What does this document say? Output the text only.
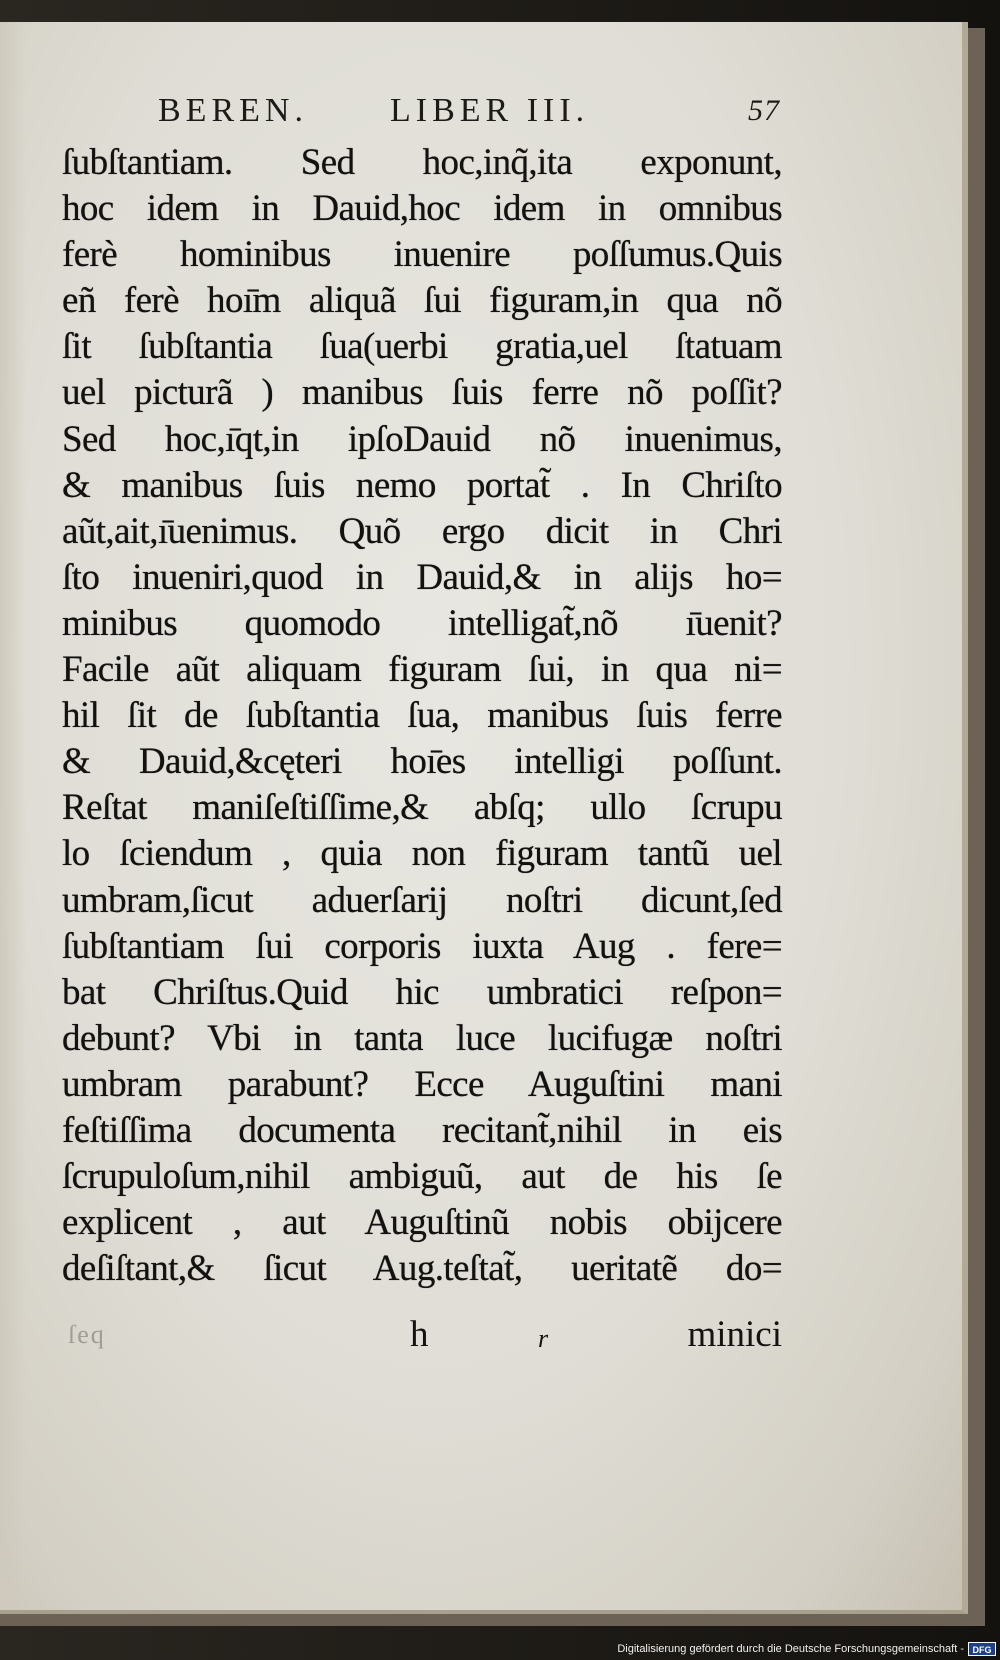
BEREN. LIBER III.	57
ſubſtantiam. Sed hoc,inq̃,ita exponunt,
hoc idem in Dauid,hoc idem in omnibus
ferè hominibus inuenire poſſumus.Quis
eñ ferè hoı̄m aliquã ſui figuram,in qua nõ
ſit ſubſtantia ſua(uerbi gratia,uel ſtatuam
uel picturã ) manibus ſuis ferre nõ poſſit?
Sed hoc,ı̄qt,in ipſoDauid nõ inuenimus,
& manibus ſuis nemo portat̃ . In Chriſto
aũt,ait,ı̄uenimus. Quõ ergo dicit in Chri
ſto inueniri,quod in Dauid,& in alijs ho=
minibus quomodo intelligat̃,nõ ı̄uenit?
Facile aũt aliquam figuram ſui, in qua ni=
hil ſit de ſubſtantia ſua, manibus ſuis ferre
& Dauid,&cęteri hoı̄es intelligi poſſunt.
Reſtat maniſeſtiſſime,& abſq; ullo ſcrupu
lo ſciendum , quia non figuram tantũ uel
umbram,ſicut aduerſarij noſtri dicunt,ſed
ſubſtantiam ſui corporis iuxta Aug . fere=
bat Chriſtus.Quid hic umbratici reſpon=
debunt? Vbi in tanta luce lucifugæ noſtri
umbram parabunt? Ecce Auguſtini mani
feſtiſſima documenta recitant̃,nihil in eis
ſcrupuloſum,nihil ambiguũ, aut de his ſe
explicent , aut Auguſtinũ nobis obijcere
deſiſtant,& ſicut Aug.teſtat̃, ueritatẽ do=
ſeq	h	r	minici
Digitalisierung gefördert durch die Deutsche Forschungsgemeinschaft - DFG
